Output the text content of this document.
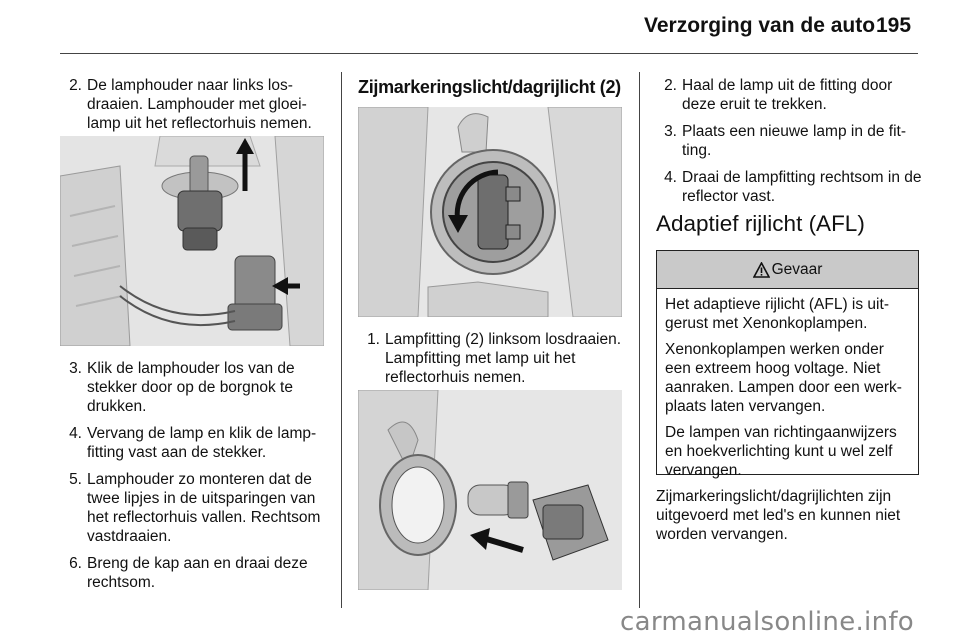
Verzorging van de auto 195
2. De lamphouder naar links losdraaien. Lamphouder met gloeilamp uit het reflectorhuis nemen.
3. Klik de lamphouder los van de stekker door op de borgnok te drukken.
4. Vervang de lamp en klik de lampfitting vast aan de stekker.
5. Lamphouder zo monteren dat de twee lipjes in de uitsparingen van het reflectorhuis vallen. Rechtsom vastdraaien.
6. Breng de kap aan en draai deze rechtsom.
Zijmarkeringslicht/dagrijlicht (2)
1. Lampfitting (2) linksom losdraaien. Lampfitting met lamp uit het reflectorhuis nemen.
2. Haal de lamp uit de fitting door deze eruit te trekken.
3. Plaats een nieuwe lamp in de fitting.
4. Draai de lampfitting rechtsom in de reflector vast.
Adaptief rijlicht (AFL)
Gevaar

Het adaptieve rijlicht (AFL) is uitgerust met Xenonkoplampen.

Xenonkoplampen werken onder een extreem hoog voltage. Niet aanraken. Lampen door een werkplaats laten vervangen.

De lampen van richtingaanwijzers en hoekverlichting kunt u wel zelf vervangen.

Zijmarkeringslicht/dagrijlichten zijn uitgevoerd met led's en kunnen niet worden vervangen.
carmanualsonline.info
